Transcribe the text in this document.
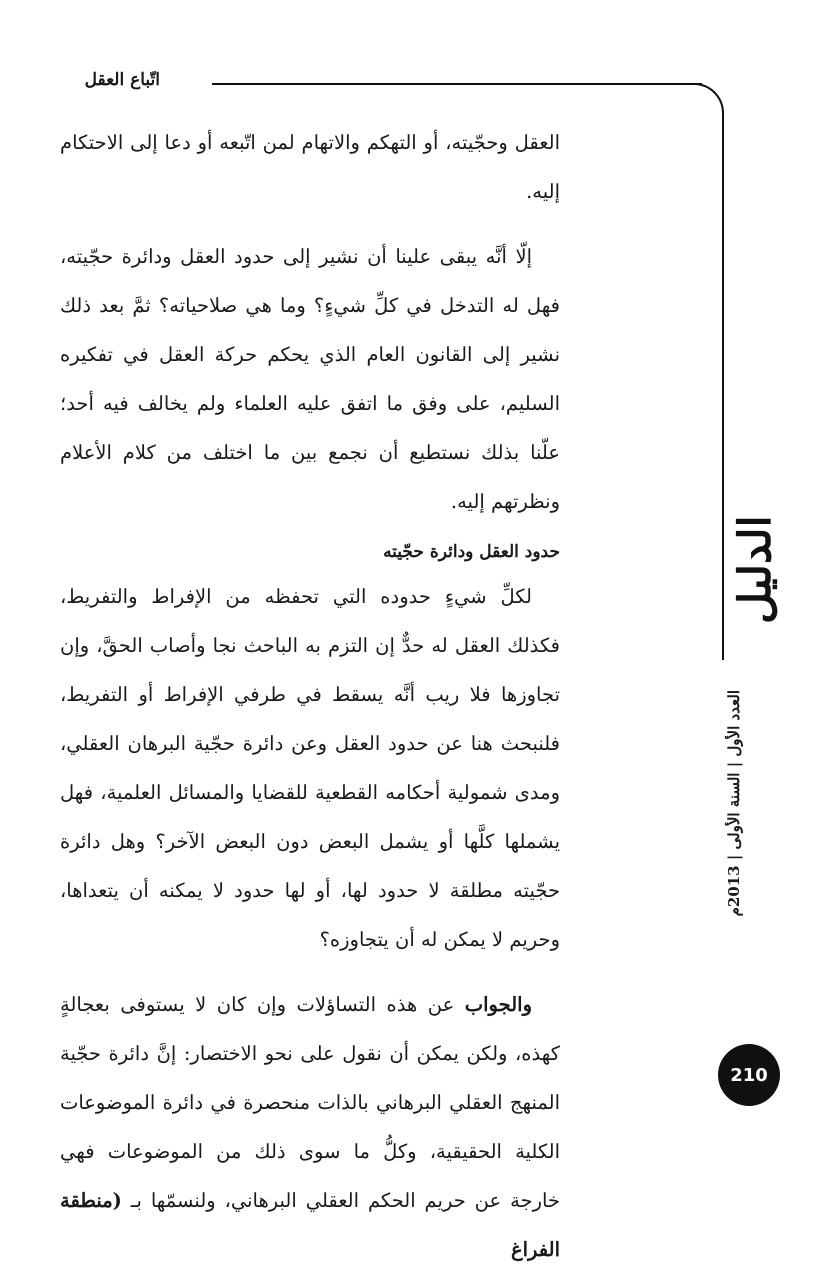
اتّباع العقل

العقل وحجّيته، أو التهكم والاتهام لمن اتّبعه أو دعا إلى الاحتكام إليه.

إلّا أنَّه يبقى علينا أن نشير إلى حدود العقل ودائرة حجّيته، فهل له التدخل في كلِّ شيءٍ؟ وما هي صلاحياته؟ ثمَّ بعد ذلك نشير إلى القانون العام الذي يحكم حركة العقل في تفكيره السليم، على وفق ما اتفق عليه العلماء ولم يخالف فيه أحد؛ علّنا بذلك نستطيع أن نجمع بين ما اختلف من كلام الأعلام ونظرتهم إليه.

حدود العقل ودائرة حجّيته

لكلِّ شيءٍ حدوده التي تحفظه من الإفراط والتفريط، فكذلك العقل له حدٌّ إن التزم به الباحث نجا وأصاب الحقَّ، وإن تجاوزها فلا ريب أنَّه يسقط في طرفي الإفراط أو التفريط، فلنبحث هنا عن حدود العقل وعن دائرة حجّية البرهان العقلي، ومدى شمولية أحكامه القطعية للقضايا والمسائل العلمية، فهل يشملها كلَّها أو يشمل البعض دون البعض الآخر؟ وهل دائرة حجّيته مطلقة لا حدود لها، أو لها حدود لا يمكنه أن يتعداها، وحريم لا يمكن له أن يتجاوزه؟

والجواب عن هذه التساؤلات وإن كان لا يستوفى بعجالةٍ كهذه، ولكن يمكن أن نقول على نحو الاختصار: إنَّ دائرة حجّية المنهج العقلي البرهاني بالذات منحصرة في دائرة الموضوعات الكلية الحقيقية، وكلُّ ما سوى ذلك من الموضوعات فهي خارجة عن حريم الحكم العقلي البرهاني، ولنسمّها بـ (منطقة الفراغ

الدليل
العدد الأول | السنة الأولى | 2013م
210
